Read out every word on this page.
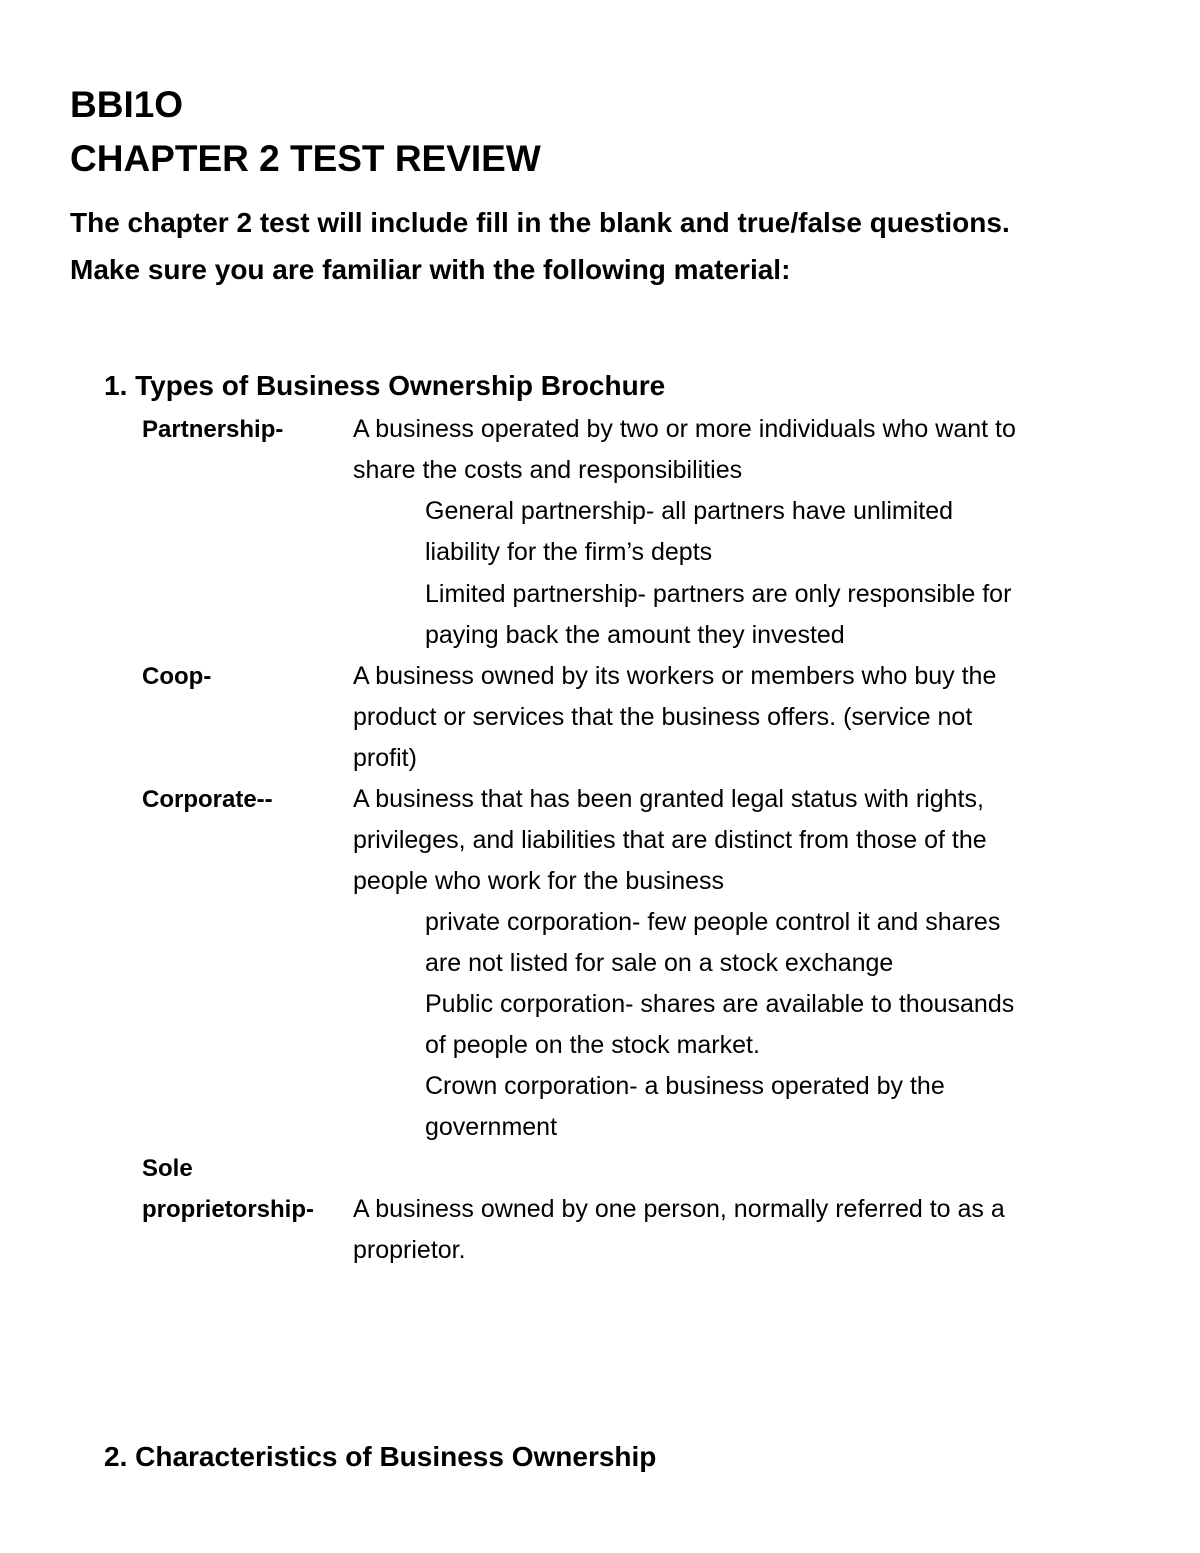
BBI1O
CHAPTER 2 TEST REVIEW
The chapter 2 test will include fill in the blank and true/false questions.
Make sure you are familiar with the following material:
1. Types of Business Ownership Brochure
Partnership-	A business operated by two or more individuals who want to
share the costs and responsibilities
General partnership- all partners have unlimited
liability for the firm’s depts
Limited partnership- partners are only responsible for
paying back the amount they invested
Coop-	A business owned by its workers or members who buy the
product or services that the business offers. (service not
profit)
Corporate--	A business that has been granted legal status with rights,
privileges, and liabilities that are distinct from those of the
people who work for the business
private corporation- few people control it and shares
are not listed for sale on a stock exchange
Public corporation- shares are available to thousands
of people on the stock market.
Crown corporation- a business operated by the
government
Sole
proprietorship- A business owned by one person, normally referred to as a
proprietor.
2. Characteristics of Business Ownership
